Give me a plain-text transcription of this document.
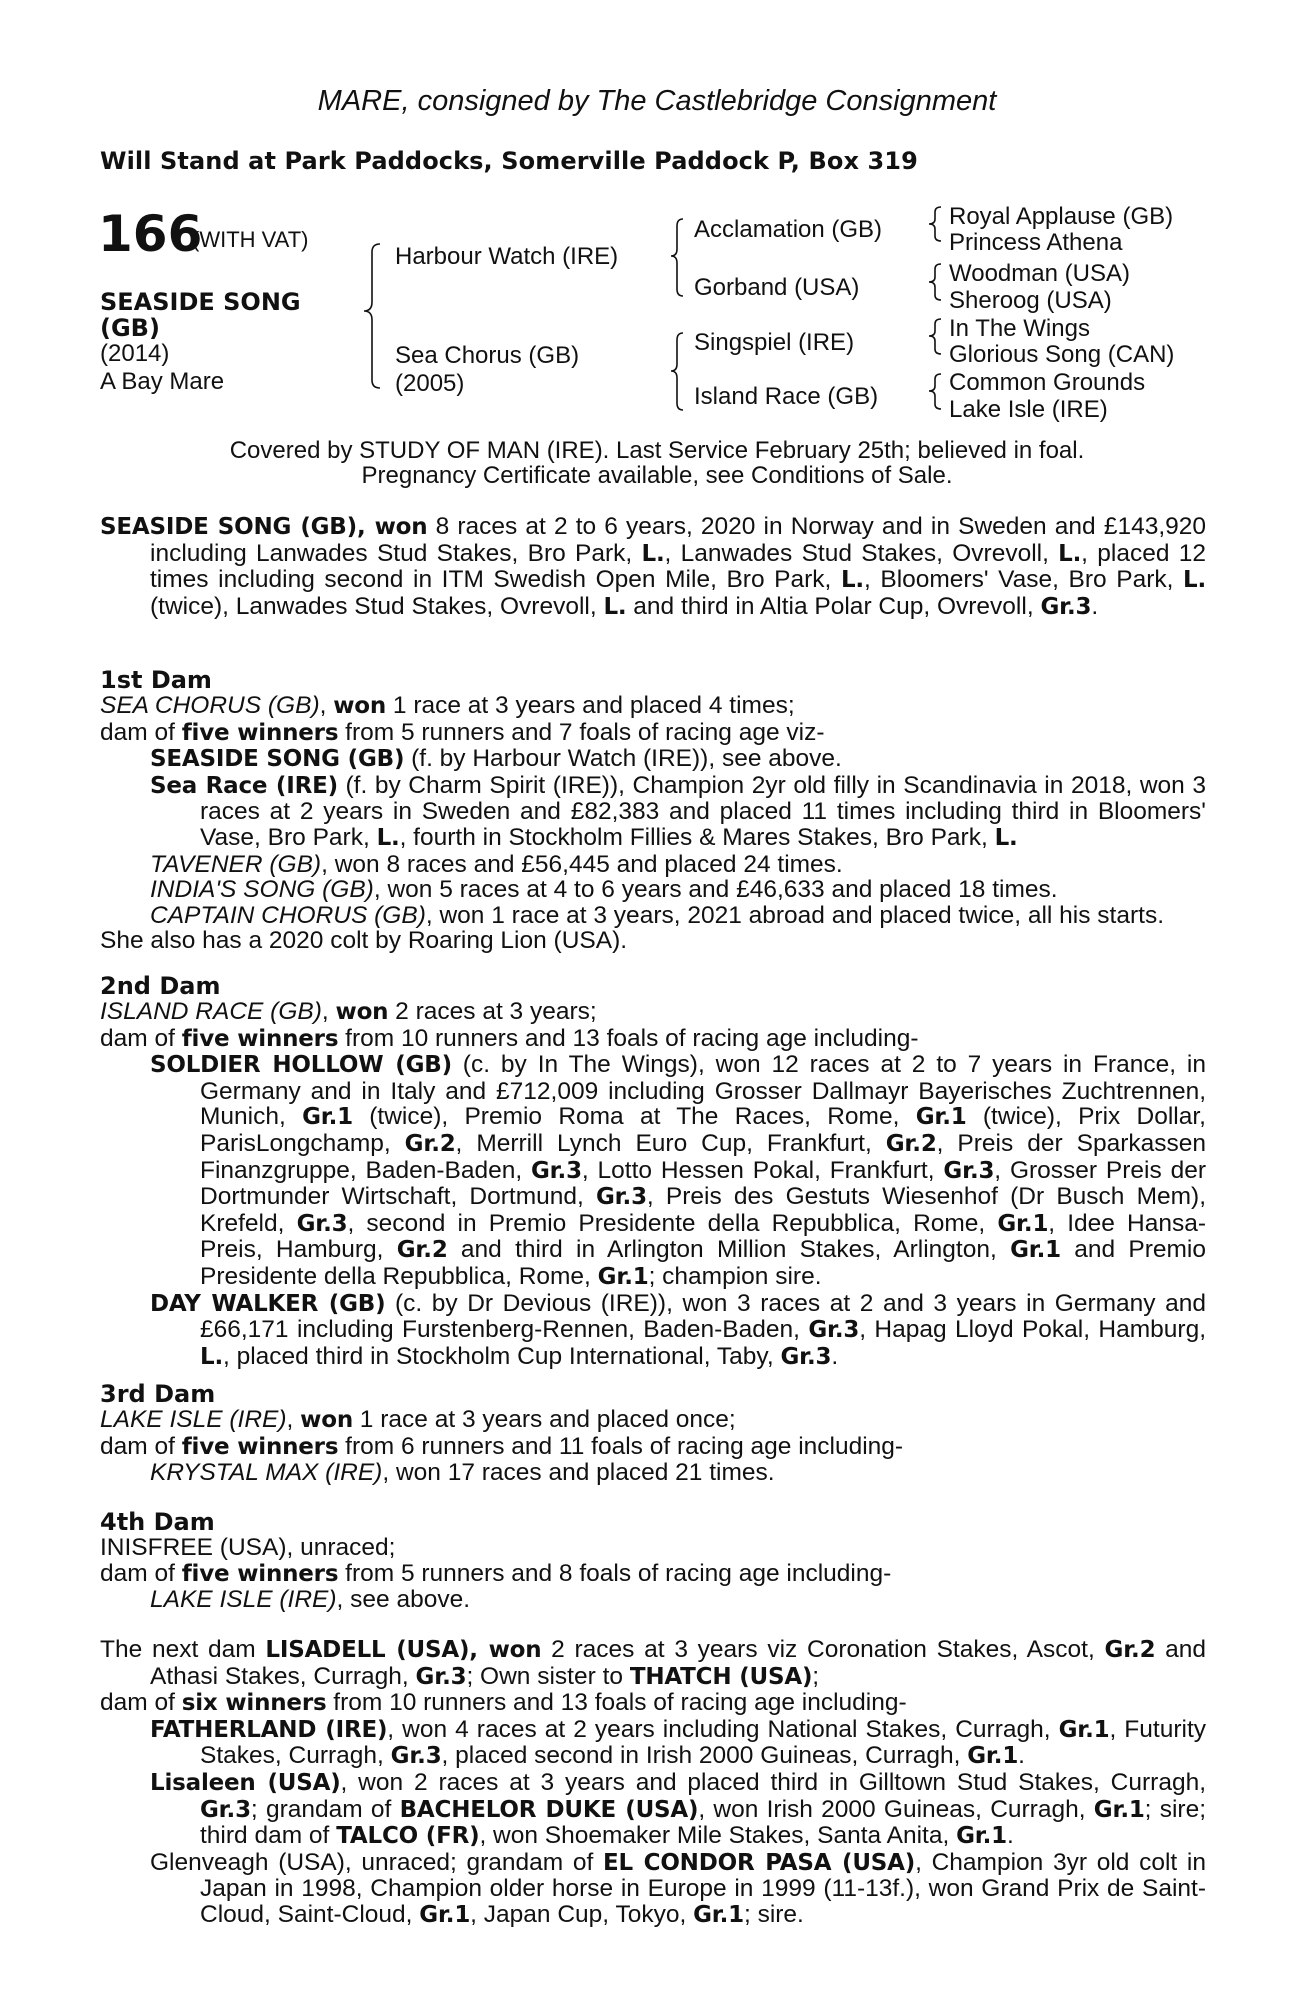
MARE, consigned by The Castlebridge Consignment
Will Stand at Park Paddocks, Somerville Paddock P, Box 319
166
(WITH VAT)
SEASIDE SONG
(GB)
(2014)
A Bay Mare
Harbour Watch (IRE)
Sea Chorus (GB)
(2005)
Acclamation (GB)
Gorband (USA)
Singspiel (IRE)
Island Race (GB)
Royal Applause (GB)
Princess Athena
Woodman (USA)
Sheroog (USA)
In The Wings
Glorious Song (CAN)
Common Grounds
Lake Isle (IRE)
Covered by STUDY OF MAN (IRE). Last Service February 25th; believed in foal.
Pregnancy Certificate available, see Conditions of Sale.

SEASIDE SONG (GB), won 8 races at 2 to 6 years, 2020 in Norway and in Sweden and £143,920 including Lanwades Stud Stakes, Bro Park, L., Lanwades Stud Stakes, Ovrevoll, L., placed 12 times including second in ITM Swedish Open Mile, Bro Park, L., Bloomers' Vase, Bro Park, L. (twice), Lanwades Stud Stakes, Ovrevoll, L. and third in Altia Polar Cup, Ovrevoll, Gr.3.

1st Dam

SEA CHORUS (GB), won 1 race at 3 years and placed 4 times;

dam of five winners from 5 runners and 7 foals of racing age viz-

SEASIDE SONG (GB) (f. by Harbour Watch (IRE)), see above.

Sea Race (IRE) (f. by Charm Spirit (IRE)), Champion 2yr old filly in Scandinavia in 2018, won 3 races at 2 years in Sweden and £82,383 and placed 11 times including third in Bloomers' Vase, Bro Park, L., fourth in Stockholm Fillies & Mares Stakes, Bro Park, L.

TAVENER (GB), won 8 races and £56,445 and placed 24 times.

INDIA'S SONG (GB), won 5 races at 4 to 6 years and £46,633 and placed 18 times.

CAPTAIN CHORUS (GB), won 1 race at 3 years, 2021 abroad and placed twice, all his starts.

She also has a 2020 colt by Roaring Lion (USA).

2nd Dam

ISLAND RACE (GB), won 2 races at 3 years;

dam of five winners from 10 runners and 13 foals of racing age including-

SOLDIER HOLLOW (GB) (c. by In The Wings), won 12 races at 2 to 7 years in France, in Germany and in Italy and £712,009 including Grosser Dallmayr Bayerisches Zuchtrennen, Munich, Gr.1 (twice), Premio Roma at The Races, Rome, Gr.1 (twice), Prix Dollar, ParisLongchamp, Gr.2, Merrill Lynch Euro Cup, Frankfurt, Gr.2, Preis der Sparkassen Finanzgruppe, Baden-Baden, Gr.3, Lotto Hessen Pokal, Frankfurt, Gr.3, Grosser Preis der Dortmunder Wirtschaft, Dortmund, Gr.3, Preis des Gestuts Wiesenhof (Dr Busch Mem), Krefeld, Gr.3, second in Premio Presidente della Repubblica, Rome, Gr.1, Idee Hansa-Preis, Hamburg, Gr.2 and third in Arlington Million Stakes, Arlington, Gr.1 and Premio Presidente della Repubblica, Rome, Gr.1; champion sire.

DAY WALKER (GB) (c. by Dr Devious (IRE)), won 3 races at 2 and 3 years in Germany and £66,171 including Furstenberg-Rennen, Baden-Baden, Gr.3, Hapag Lloyd Pokal, Hamburg, L., placed third in Stockholm Cup International, Taby, Gr.3.

3rd Dam

LAKE ISLE (IRE), won 1 race at 3 years and placed once;

dam of five winners from 6 runners and 11 foals of racing age including-

KRYSTAL MAX (IRE), won 17 races and placed 21 times.

4th Dam

INISFREE (USA), unraced;

dam of five winners from 5 runners and 8 foals of racing age including-

LAKE ISLE (IRE), see above.

The next dam LISADELL (USA), won 2 races at 3 years viz Coronation Stakes, Ascot, Gr.2 and Athasi Stakes, Curragh, Gr.3; Own sister to THATCH (USA);

dam of six winners from 10 runners and 13 foals of racing age including-

FATHERLAND (IRE), won 4 races at 2 years including National Stakes, Curragh, Gr.1, Futurity Stakes, Curragh, Gr.3, placed second in Irish 2000 Guineas, Curragh, Gr.1.

Lisaleen (USA), won 2 races at 3 years and placed third in Gilltown Stud Stakes, Curragh, Gr.3; grandam of BACHELOR DUKE (USA), won Irish 2000 Guineas, Curragh, Gr.1; sire; third dam of TALCO (FR), won Shoemaker Mile Stakes, Santa Anita, Gr.1.

Glenveagh (USA), unraced; grandam of EL CONDOR PASA (USA), Champion 3yr old colt in Japan in 1998, Champion older horse in Europe in 1999 (11-13f.), won Grand Prix de Saint-Cloud, Saint-Cloud, Gr.1, Japan Cup, Tokyo, Gr.1; sire.
